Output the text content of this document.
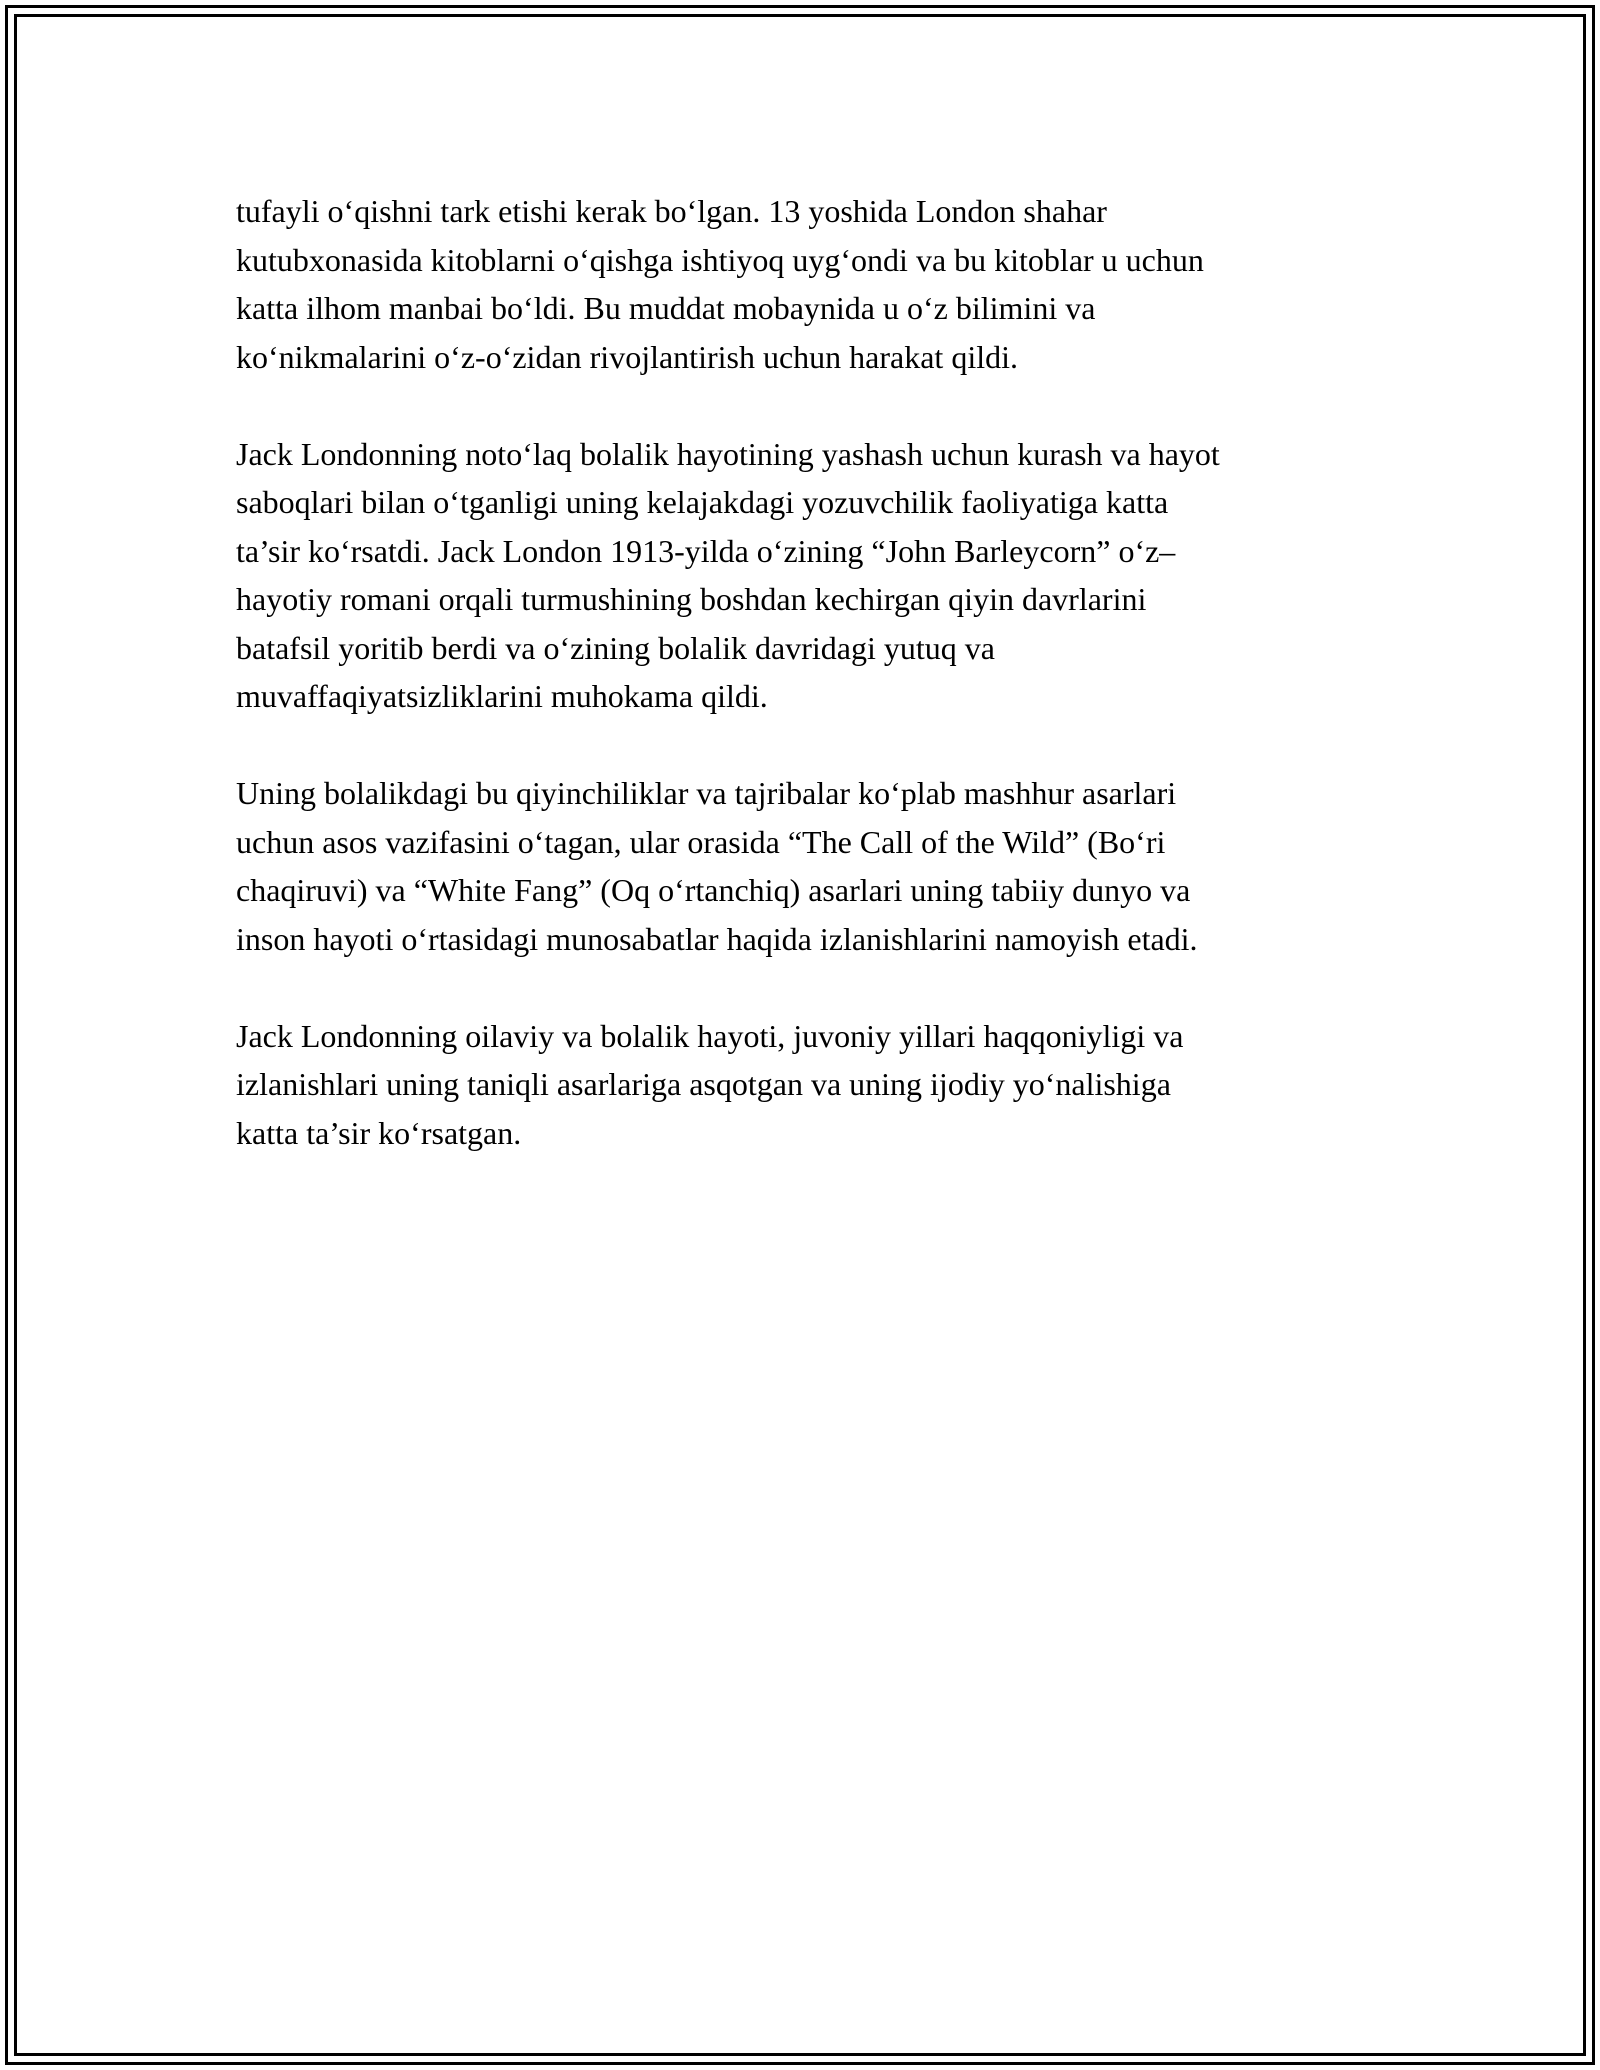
tufayli o‘qishni tark etishi kerak bo‘lgan. 13 yoshida London shahar
kutubxonasida kitoblarni o‘qishga ishtiyoq uyg‘ondi va bu kitoblar u uchun
katta ilhom manbai bo‘ldi. Bu muddat mobaynida u o‘z bilimini va
ko‘nikmalarini o‘z-o‘zidan rivojlantirish uchun harakat qildi.
Jack Londonning noto‘laq bolalik hayotining yashash uchun kurash va hayot
saboqlari bilan o‘tganligi uning kelajakdagi yozuvchilik faoliyatiga katta
ta’sir ko‘rsatdi. Jack London 1913-yilda o‘zining “John Barleycorn” o‘z–
hayotiy romani orqali turmushining boshdan kechirgan qiyin davrlarini
batafsil yoritib berdi va o‘zining bolalik davridagi yutuq va
muvaffaqiyatsizliklarini muhokama qildi.
Uning bolalikdagi bu qiyinchiliklar va tajribalar ko‘plab mashhur asarlari
uchun asos vazifasini o‘tagan, ular orasida “The Call of the Wild” (Bo‘ri
chaqiruvi) va “White Fang” (Oq o‘rtanchiq) asarlari uning tabiiy dunyo va
inson hayoti o‘rtasidagi munosabatlar haqida izlanishlarini namoyish etadi.
Jack Londonning oilaviy va bolalik hayoti, juvoniy yillari haqqoniyligi va
izlanishlari uning taniqli asarlariga asqotgan va uning ijodiy yo‘nalishiga
katta ta’sir ko‘rsatgan.
